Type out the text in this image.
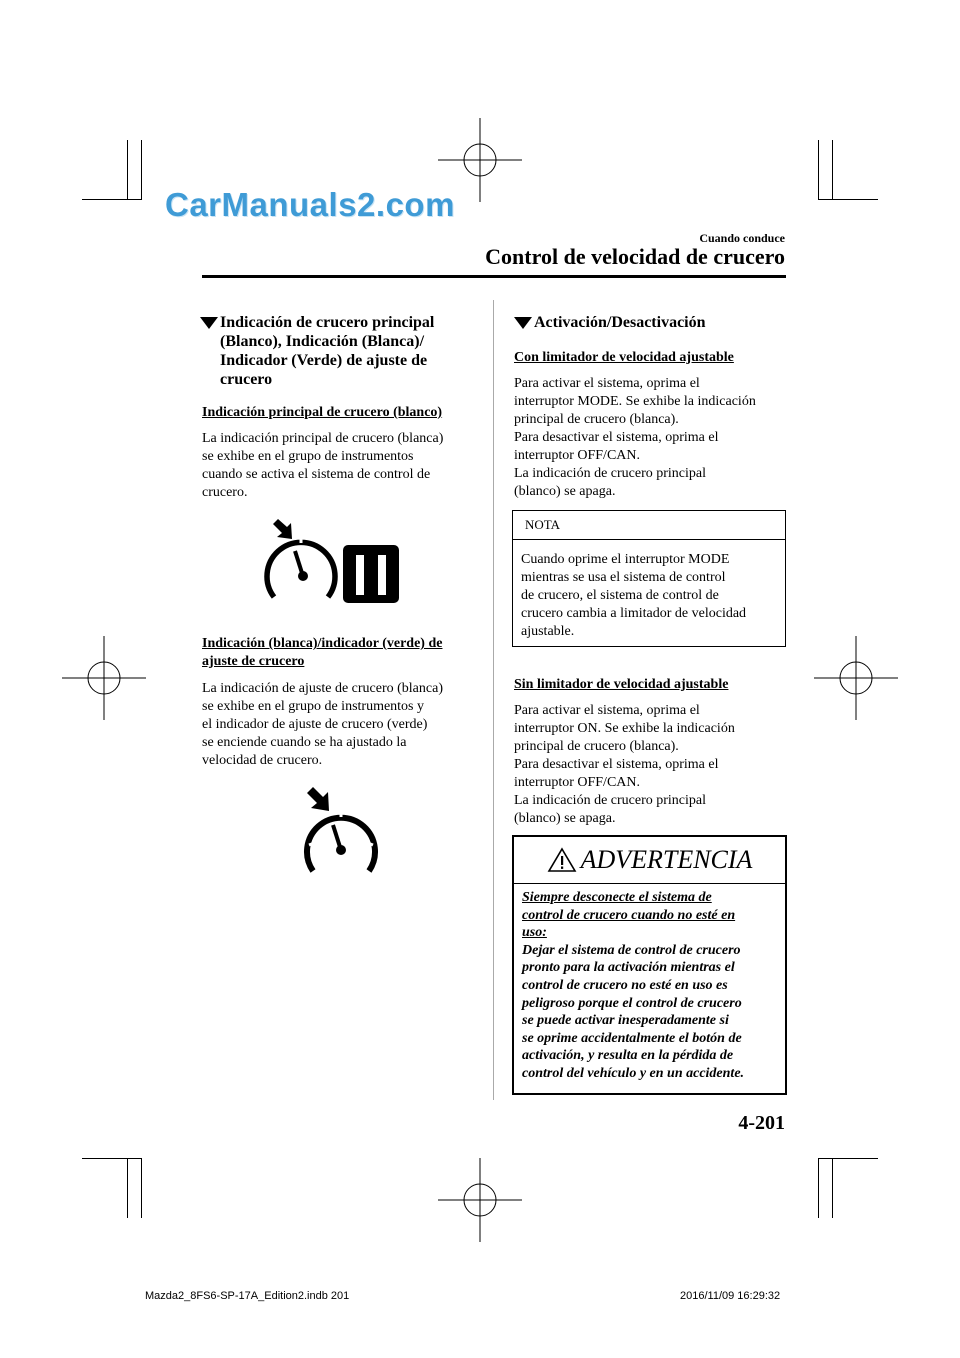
CarManuals2.com
Cuando conduce
Control de velocidad de crucero
Indicación de crucero principal
(Blanco), Indicación (Blanca)/
Indicador (Verde) de ajuste de
crucero
Indicación principal de crucero (blanco)
La indicación principal de crucero (blanca)
se exhibe en el grupo de instrumentos
cuando se activa el sistema de control de
crucero.
Indicación (blanca)/indicador (verde) de
ajuste de crucero
La indicación de ajuste de crucero (blanca)
se exhibe en el grupo de instrumentos y
el indicador de ajuste de crucero (verde)
se enciende cuando se ha ajustado la
velocidad de crucero.
Activación/Desactivación
Con limitador de velocidad ajustable
Para activar el sistema, oprima el
interruptor MODE. Se exhibe la indicación
principal de crucero (blanca).
Para desactivar el sistema, oprima el
interruptor OFF/CAN.
La indicación de crucero principal
(blanco) se apaga.
NOTA
Cuando oprime el interruptor MODE
mientras se usa el sistema de control
de crucero, el sistema de control de
crucero cambia a limitador de velocidad
ajustable.
Sin limitador de velocidad ajustable
Para activar el sistema, oprima el
interruptor ON. Se exhibe la indicación
principal de crucero (blanca).
Para desactivar el sistema, oprima el
interruptor OFF/CAN.
La indicación de crucero principal
(blanco) se apaga.
ADVERTENCIA
Siempre desconecte el sistema de
control de crucero cuando no esté en
uso:
Dejar el sistema de control de crucero
pronto para la activación mientras el
control de crucero no esté en uso es
peligroso porque el control de crucero
se puede activar inesperadamente si
se oprime accidentalmente el botón de
activación, y resulta en la pérdida de
control del vehículo y en un accidente.
4-201
Mazda2_8FS6-SP-17A_Edition2.indb 201	2016/11/09 16:29:32
